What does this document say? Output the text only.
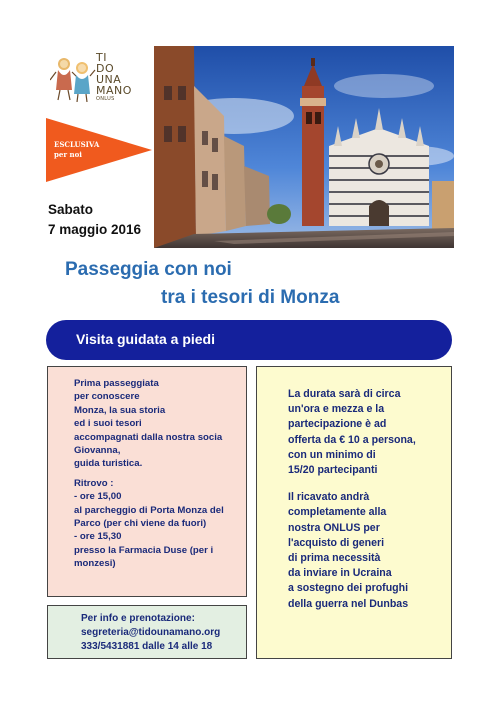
TI
DO
UNA
MANO
ONLUS
ESCLUSIVA
per noi
Sabato
7 maggio 2016
Passeggia con noi
tra i tesori di Monza
Visita guidata a piedi
Prima passeggiata
per conoscere
Monza, la sua storia
ed i suoi tesori
accompagnati dalla nostra socia
Giovanna,
guida turistica.
Ritrovo :
- ore 15,00
al parcheggio di Porta Monza del
Parco (per chi viene da fuori)
- ore 15,30
presso la Farmacia Duse (per i
monzesi)
Per info e prenotazione:
segreteria@tidounamano.org
333/5431881 dalle 14 alle 18
La durata sarà di circa
un'ora e mezza e la
partecipazione è ad
offerta da € 10 a persona,
con un minimo di
15/20 partecipanti
Il ricavato andrà
completamente alla
nostra ONLUS per
l'acquisto di generi
di prima necessità
da inviare in Ucraina
a sostegno dei profughi
della guerra nel Dunbas
